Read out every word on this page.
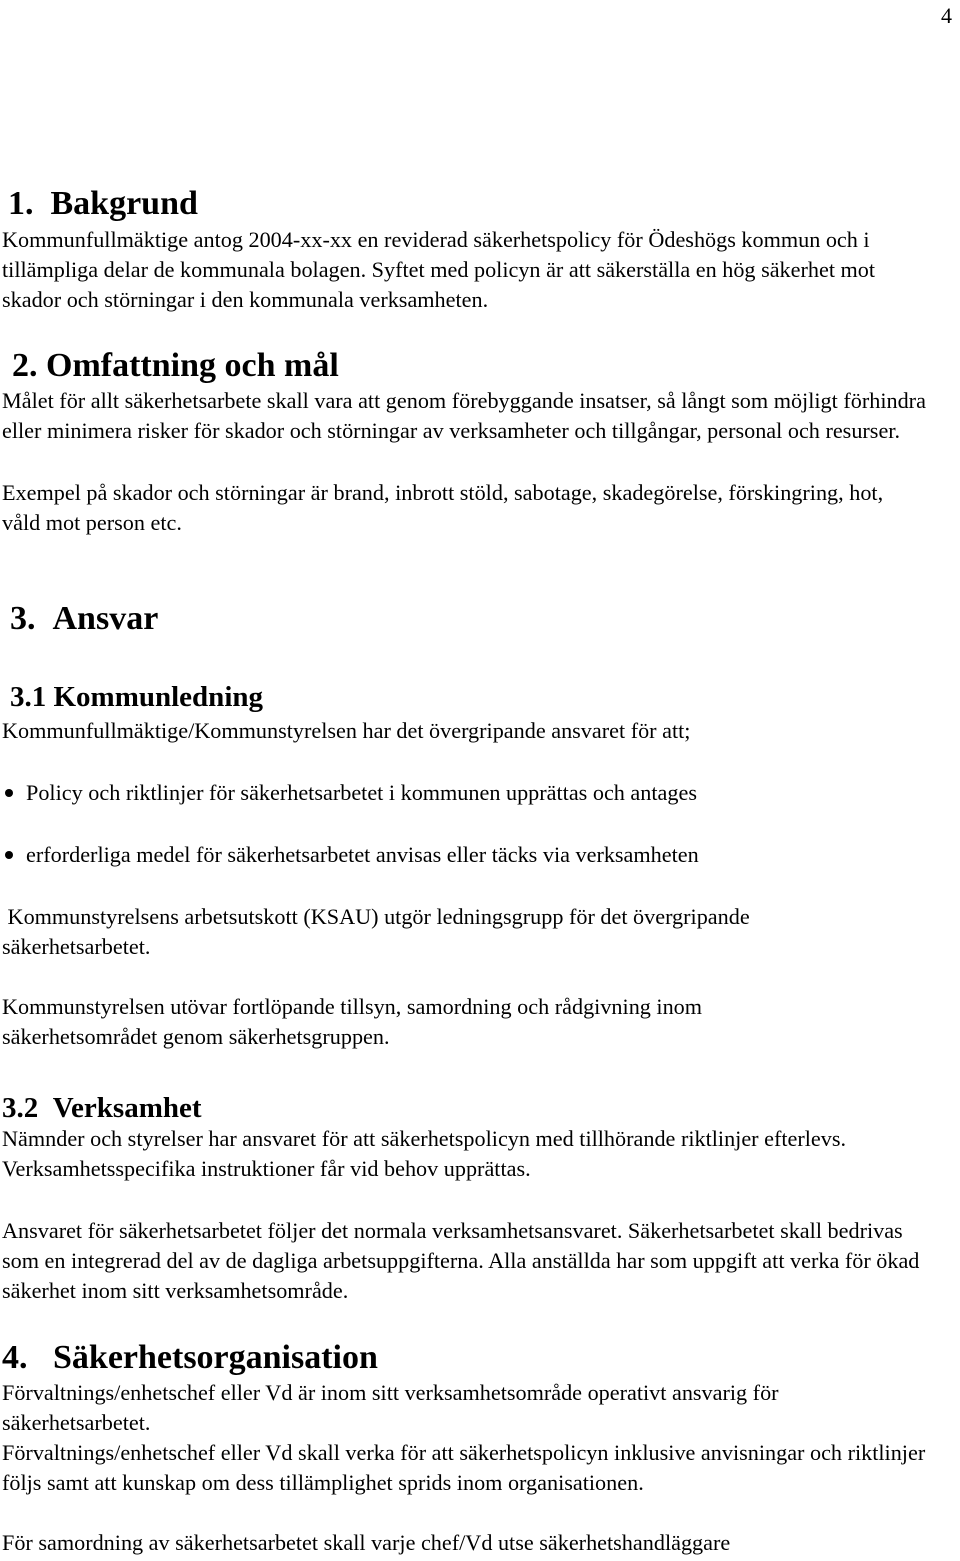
4
1.  Bakgrund

Kommunfullmäktige antog 2004-xx-xx en reviderad säkerhetspolicy för Ödeshögs kommun och i tillämpliga delar de kommunala bolagen. Syftet med policyn är att säkerställa en hög säkerhet mot skador och störningar i den kommunala verksamheten.

2. Omfattning och mål

Målet för allt säkerhetsarbete skall vara att genom förebyggande insatser, så långt som möjligt förhindra eller minimera risker för skador och störningar av verksamheter och tillgångar, personal och resurser.

Exempel på skador och störningar är brand, inbrott stöld, sabotage, skadegörelse, förskingring, hot, våld mot person etc.

3.  Ansvar
3.1 Kommunledning

Kommunfullmäktige/Kommunstyrelsen har det övergripande ansvaret för att;

Policy och riktlinjer för säkerhetsarbetet i kommunen upprättas och antages
erforderliga medel för säkerhetsarbetet anvisas eller täcks via verksamheten

Kommunstyrelsens arbetsutskott (KSAU) utgör ledningsgrupp för det övergripande säkerhetsarbetet.

Kommunstyrelsen utövar fortlöpande tillsyn, samordning och rådgivning inom säkerhetsområdet genom säkerhetsgruppen.

3.2  Verksamhet

Nämnder och styrelser har ansvaret för att säkerhetspolicyn med tillhörande riktlinjer efterlevs. Verksamhetsspecifika instruktioner får vid behov upprättas.

Ansvaret för säkerhetsarbetet följer det normala verksamhetsansvaret. Säkerhetsarbetet skall bedrivas som en integrerad del av de dagliga arbetsuppgifterna. Alla anställda har som uppgift att verka för ökad säkerhet inom sitt verksamhetsområde.

4.   Säkerhetsorganisation

Förvaltnings/enhetschef eller Vd är inom sitt verksamhetsområde operativt ansvarig för säkerhetsarbetet.

Förvaltnings/enhetschef eller Vd skall verka för att säkerhetspolicyn inklusive anvisningar och riktlinjer följs samt att kunskap om dess tillämplighet sprids inom organisationen.

För samordning av säkerhetsarbetet skall varje chef/Vd utse säkerhetshandläggare
